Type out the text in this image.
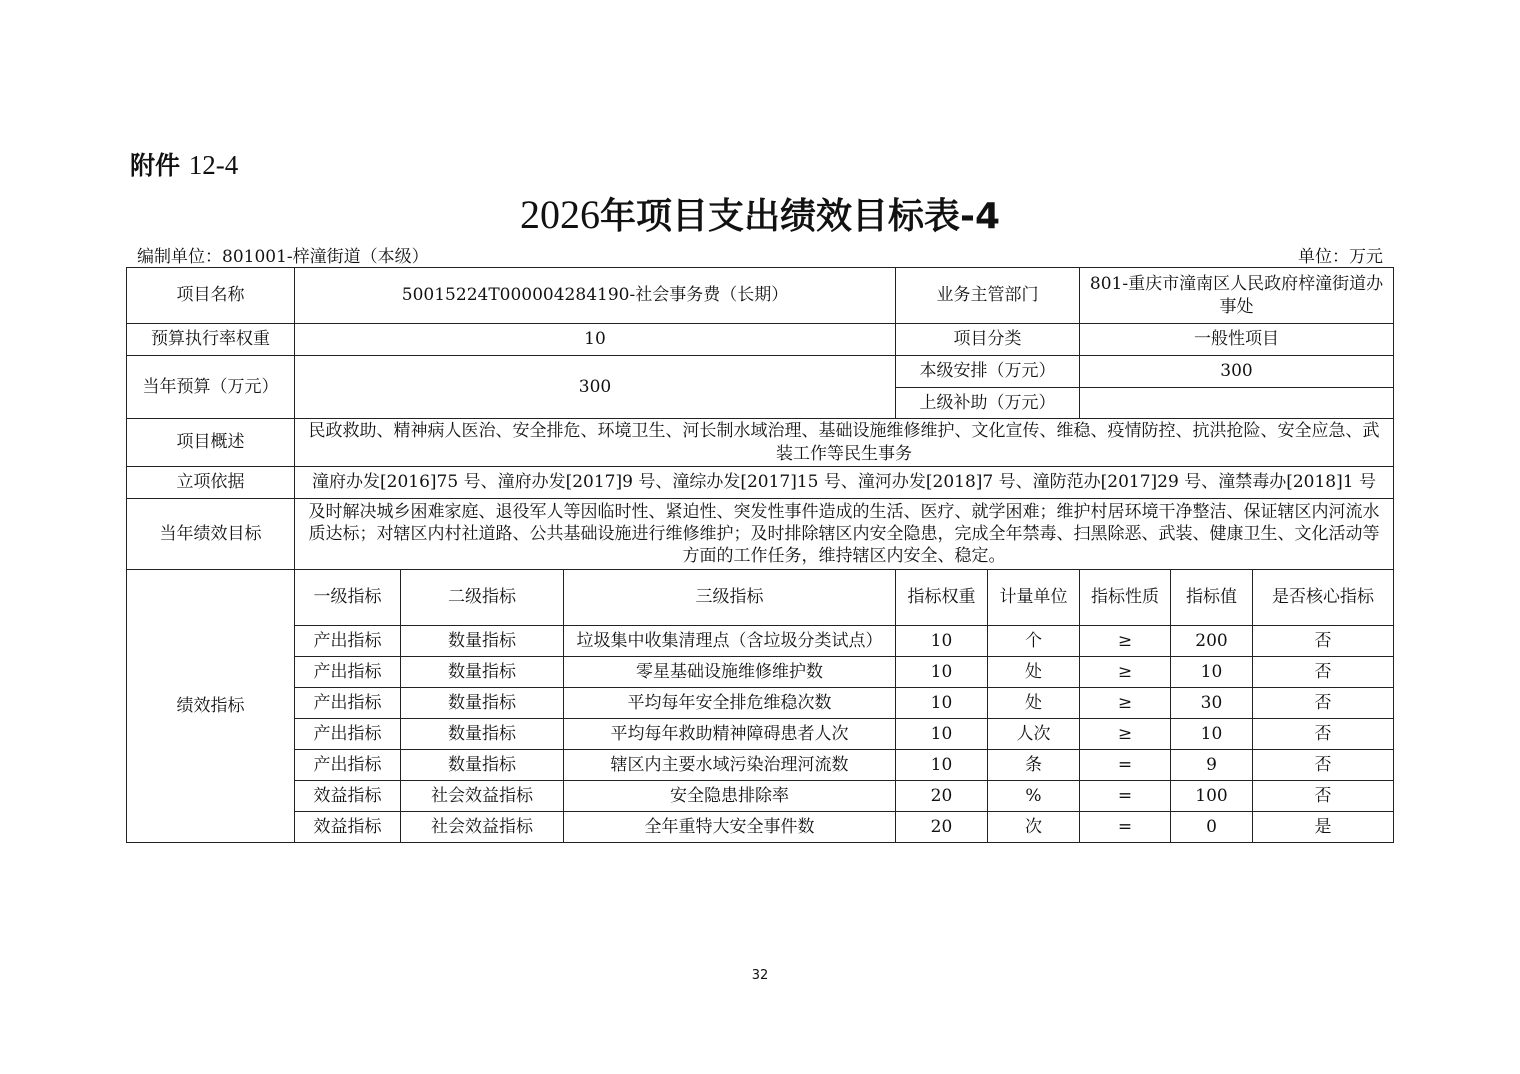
附件 12-4
2026年项目支出绩效目标表-4
编制单位：801001-梓潼街道（本级）	单位：万元
项目名称	50015224T000004284190-社会事务费（长期）			业务主管部门		801-重庆市潼南区人民政府梓潼街道办事处		
预算执行率权重	10			项目分类		一般性项目		
当年预算（万元）	300			本级安排（万元）		300		
				上级补助（万元）				
项目概述	民政救助、精神病人医治、安全排危、环境卫生、河长制水域治理、基础设施维修维护、文化宣传、维稳、疫情防控、抗洪抢险、安全应急、武装工作等民生事务							
立项依据	潼府办发[2016]75 号、潼府办发[2017]9 号、潼综办发[2017]15 号、潼河办发[2018]7 号、潼防范办[2017]29 号、潼禁毒办[2018]1 号							
当年绩效目标	及时解决城乡困难家庭、退役军人等因临时性、紧迫性、突发性事件造成的生活、医疗、就学困难；维护村居环境干净整洁、保证辖区内河流水质达标；对辖区内村社道路、公共基础设施进行维修维护；及时排除辖区内安全隐患，完成全年禁毒、扫黑除恶、武装、健康卫生、文化活动等方面的工作任务，维持辖区内安全、稳定。							
绩效指标	一级指标	二级指标	三级指标	指标权重	计量单位	指标性质	指标值	是否核心指标
	产出指标	数量指标	垃圾集中收集清理点（含垃圾分类试点）	10	个	≥	200	否
	产出指标	数量指标	零星基础设施维修维护数	10	处	≥	10	否
	产出指标	数量指标	平均每年安全排危维稳次数	10	处	≥	30	否
	产出指标	数量指标	平均每年救助精神障碍患者人次	10	人次	≥	10	否
	产出指标	数量指标	辖区内主要水域污染治理河流数	10	条	=	9	否
	效益指标	社会效益指标	安全隐患排除率	20	%	=	100	否
	效益指标	社会效益指标	全年重特大安全事件数	20	次	=	0	是
32
